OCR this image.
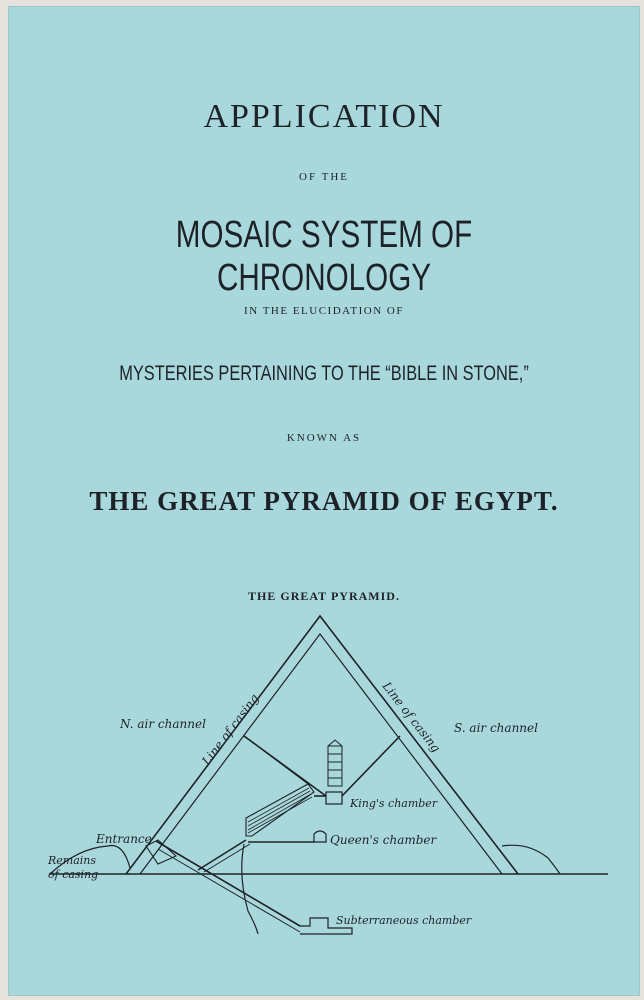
APPLICATION

OF THE

MOSAIC SYSTEM OF CHRONOLOGY

IN THE ELUCIDATION OF

MYSTERIES PERTAINING TO THE “BIBLE IN STONE,”

KNOWN AS

THE GREAT PYRAMID OF EGYPT.

THE GREAT PYRAMID.

N. air channel
Line of casing	Line of casing S. air channel
King's chamber
Queen's chamber
Entrance
Remains
of casing
Subterraneous chamber
